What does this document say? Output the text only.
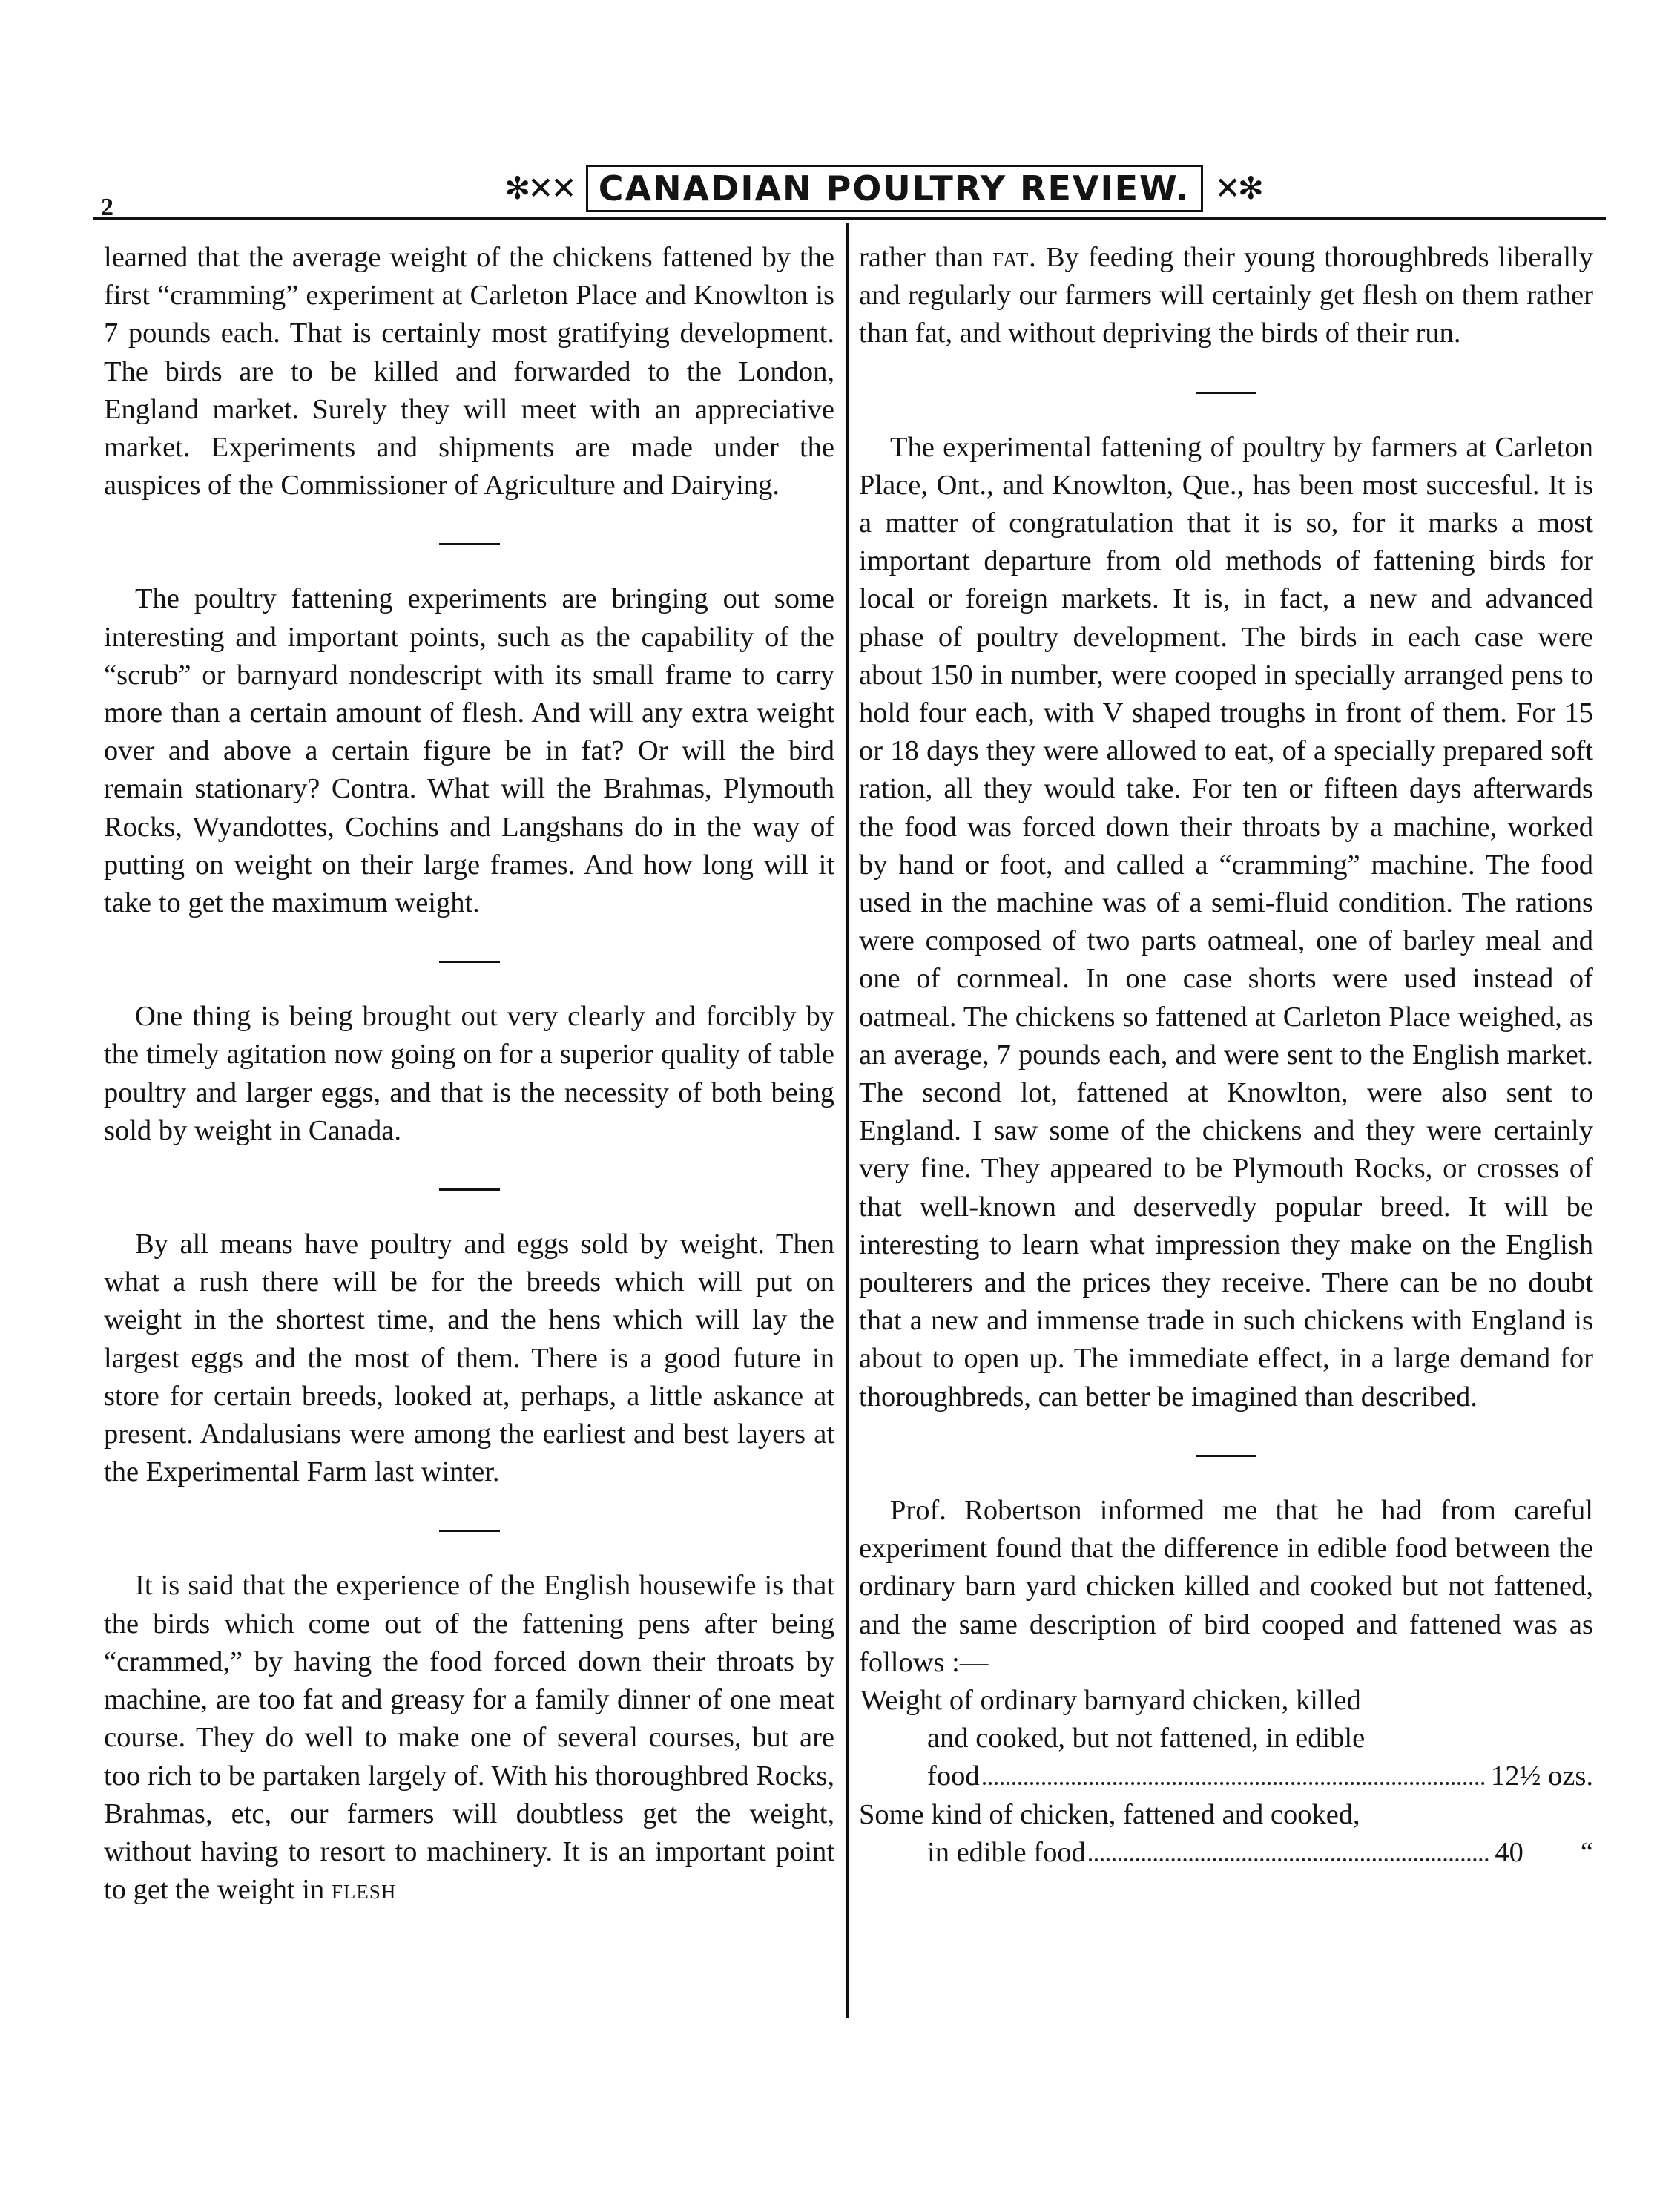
2
✻✕✕ CANADIAN POULTRY REVIEW. ✕✻

learned that the average weight of the chickens fattened by the first “cramming” experiment at Carleton Place and Knowlton is 7 pounds each. That is certainly most gratifying development. The birds are to be killed and forwarded to the London, England market. Surely they will meet with an appreciative market. Experiments and shipments are made under the auspices of the Commissioner of Agriculture and Dairying.

The poultry fattening experiments are bringing out some interesting and important points, such as the capability of the “scrub” or barnyard nondescript with its small frame to carry more than a certain amount of flesh. And will any extra weight over and above a certain figure be in fat? Or will the bird remain stationary? Contra. What will the Brahmas, Plymouth Rocks, Wyandottes, Cochins and Langshans do in the way of putting on weight on their large frames. And how long will it take to get the maximum weight.

One thing is being brought out very clearly and forcibly by the timely agitation now going on for a superior quality of table poultry and larger eggs, and that is the necessity of both being sold by weight in Canada.

By all means have poultry and eggs sold by weight. Then what a rush there will be for the breeds which will put on weight in the shortest time, and the hens which will lay the largest eggs and the most of them. There is a good future in store for certain breeds, looked at, perhaps, a little askance at present. Andalusians were among the earliest and best layers at the Experimental Farm last winter.

It is said that the experience of the English housewife is that the birds which come out of the fattening pens after being “crammed,” by having the food forced down their throats by machine, are too fat and greasy for a family dinner of one meat course. They do well to make one of several courses, but are too rich to be partaken largely of. With his thoroughbred Rocks, Brahmas, etc, our farmers will doubtless get the weight, without having to resort to machinery. It is an important point to get the weight in flesh

rather than fat. By feeding their young thoroughbreds liberally and regularly our farmers will certainly get flesh on them rather than fat, and without depriving the birds of their run.

The experimental fattening of poultry by farmers at Carleton Place, Ont., and Knowlton, Que., has been most succesful. It is a matter of congratulation that it is so, for it marks a most important departure from old methods of fattening birds for local or foreign markets. It is, in fact, a new and advanced phase of poultry development. The birds in each case were about 150 in number, were cooped in specially arranged pens to hold four each, with V shaped troughs in front of them. For 15 or 18 days they were allowed to eat, of a specially prepared soft ration, all they would take. For ten or fifteen days afterwards the food was forced down their throats by a machine, worked by hand or foot, and called a “cramming” machine. The food used in the machine was of a semi-fluid condition. The rations were composed of two parts oatmeal, one of barley meal and one of cornmeal. In one case shorts were used instead of oatmeal. The chickens so fattened at Carleton Place weighed, as an average, 7 pounds each, and were sent to the English market. The second lot, fattened at Knowlton, were also sent to England. I saw some of the chickens and they were certainly very fine. They appeared to be Plymouth Rocks, or crosses of that well-known and deservedly popular breed. It will be interesting to learn what impression they make on the English poulterers and the prices they receive. There can be no doubt that a new and immense trade in such chickens with England is about to open up. The immediate effect, in a large demand for thoroughbreds, can better be imagined than described.

Prof. Robertson informed me that he had from careful experiment found that the difference in edible food between the ordinary barn yard chicken killed and cooked but not fattened, and the same description of bird cooped and fattened was as follows :—

Weight of ordinary barnyard chicken, killed
and cooked, but not fattened, in edible
food	12½ ozs.
Some kind of chicken, fattened and cooked,
in edible food	40  “
